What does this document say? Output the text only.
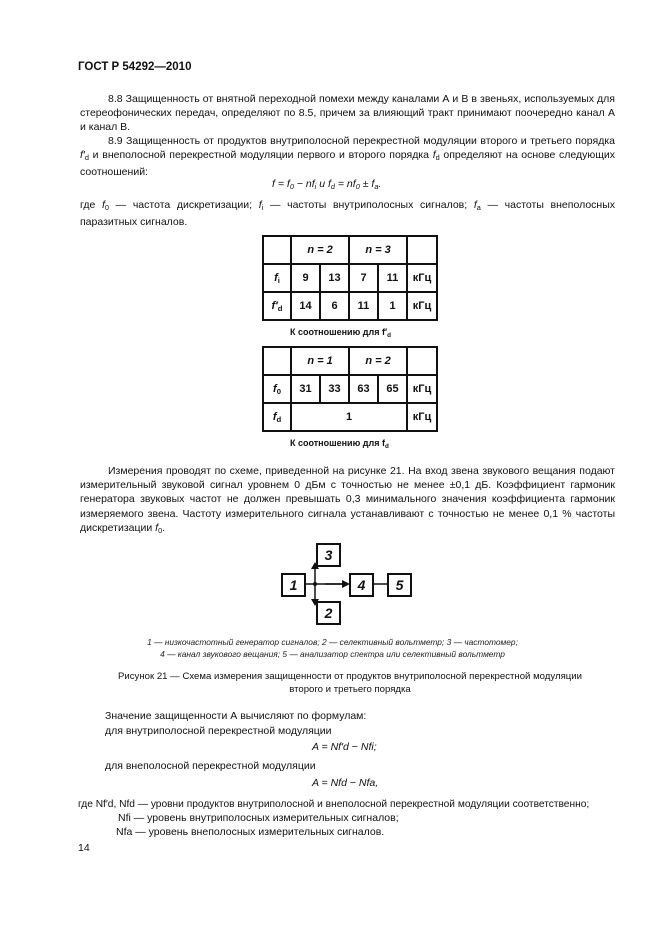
ГОСТ Р 54292—2010
8.8 Защищенность от внятной переходной помехи между каналами А и В в звеньях, используемых для стереофонических передач, определяют по 8.5, причем за влияющий тракт принимают поочередно канал А и канал В.
8.9 Защищенность от продуктов внутриполосной перекрестной модуляции второго и третьего порядка $f'_d$ и внеполосной перекрестной модуляции первого и второго порядка $f_d$ определяют на основе следующих соотношений:
$f = f_0 - nf_i$ и $f_d = nf_0 \pm f_a$.
где $f_0$ — частота дискретизации; $f_i$ — частоты внутриполосных сигналов; $f_a$ — частоты внеполосных паразитных сигналов.
	n = 2		n = 3		
$f_i$	9	13	7	11	кГц
$f'_d$	14	6	11	1	кГц
К соотношению для $f'_d$
	n = 1		n = 2		
$f_0$	31	33	63	65	кГц
$f_d$	1				кГц
К соотношению для $f_d$
Измерения проводят по схеме, приведенной на рисунке 21. На вход звена звукового вещания подают измерительный звуковой сигнал уровнем 0 дБм с точностью не менее ±0,1 дБ. Коэффициент гармоник генератора звуковых частот не должен превышать 0,3 минимального значения коэффициента гармоник измеряемого звена. Частоту измерительного сигнала устанавливают с точностью не менее 0,1 % частоты дискретизации $f_0$.
1
2
3
4	5
1 — низкочастотный генератор сигналов; 2 — селективный вольтметр; 3 — частотомер;
4 — канал звукового вещания; 5 — анализатор спектра или селективный вольтметр
Рисунок 21 — Схема измерения защищенности от продуктов внутриполосной перекрестной модуляции
второго и третьего порядка
Значение защищенности А вычисляют по формулам:
для внутриполосной перекрестной модуляции
A = Nf′d − Nfi;
для внеполосной перекрестной модуляции
A = Nfd − Nfa,
где Nf′d, Nfd — уровни продуктов внутриполосной и внеполосной перекрестной модуляции соответственно;
Nfi — уровень внутриполосных измерительных сигналов;
Nfa — уровень внеполосных измерительных сигналов.
14
